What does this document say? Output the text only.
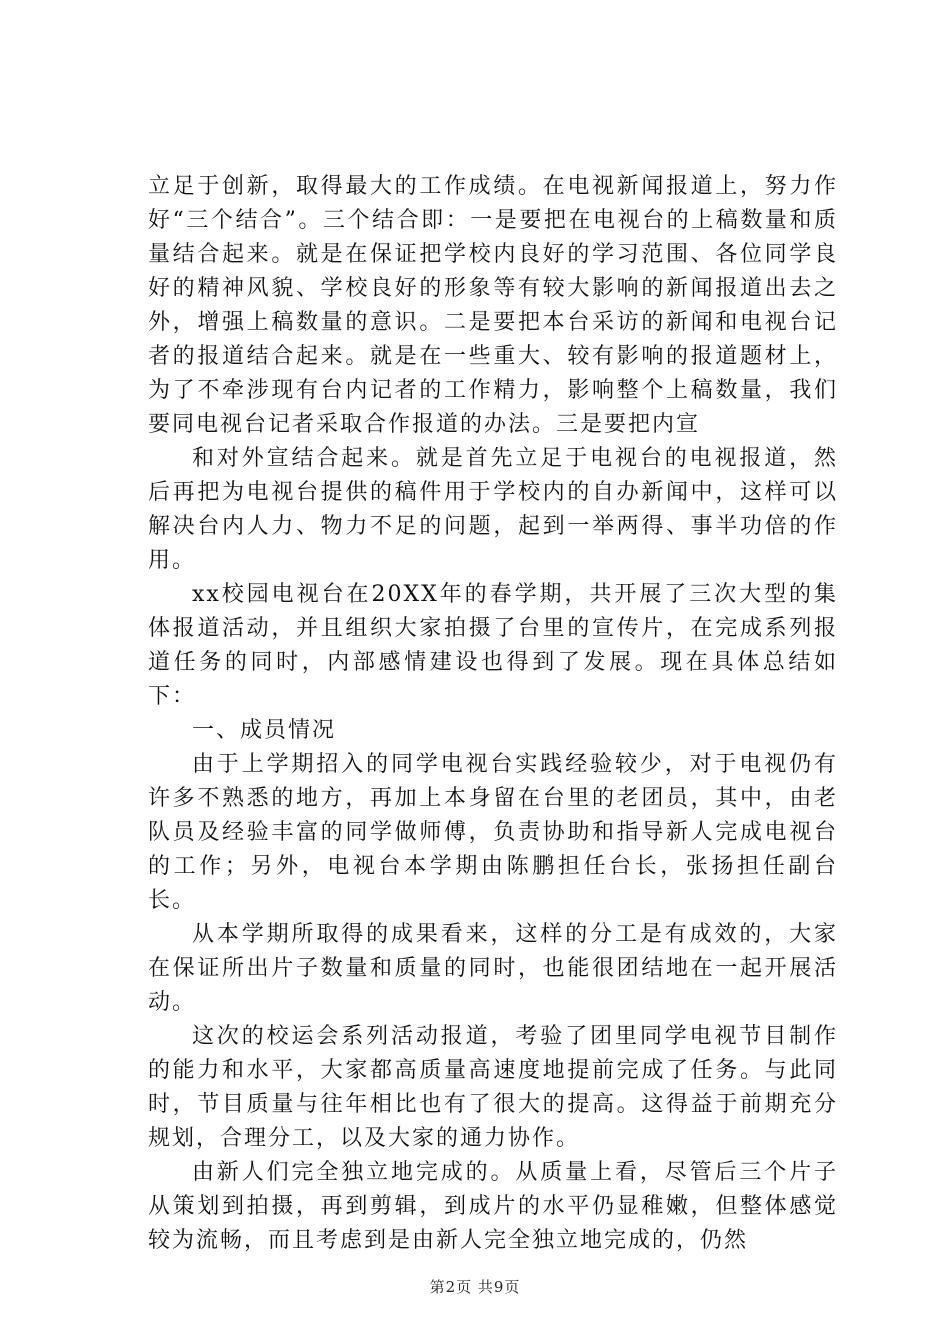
立足于创新，取得最大的工作成绩。在电视新闻报道上，努力作好“三个结合”。三个结合即：一是要把在电视台的上稿数量和质量结合起来。就是在保证把学校内良好的学习范围、各位同学良好的精神风貌、学校良好的形象等有较大影响的新闻报道出去之外，增强上稿数量的意识。二是要把本台采访的新闻和电视台记者的报道结合起来。就是在一些重大、较有影响的报道题材上，为了不牵涉现有台内记者的工作精力，影响整个上稿数量，我们要同电视台记者采取合作报道的办法。三是要把内宣

和对外宣结合起来。就是首先立足于电视台的电视报道，然后再把为电视台提供的稿件用于学校内的自办新闻中，这样可以解决台内人力、物力不足的问题，起到一举两得、事半功倍的作用。

xx校园电视台在20XX年的春学期，共开展了三次大型的集体报道活动，并且组织大家拍摄了台里的宣传片，在完成系列报道任务的同时，内部感情建设也得到了发展。现在具体总结如下：

一、成员情况

由于上学期招入的同学电视台实践经验较少，对于电视仍有许多不熟悉的地方，再加上本身留在台里的老团员，其中，由老队员及经验丰富的同学做师傅，负责协助和指导新人完成电视台的工作；另外，电视台本学期由陈鹏担任台长，张扬担任副台长。

从本学期所取得的成果看来，这样的分工是有成效的，大家在保证所出片子数量和质量的同时，也能很团结地在一起开展活动。

这次的校运会系列活动报道，考验了团里同学电视节目制作的能力和水平，大家都高质量高速度地提前完成了任务。与此同时，节目质量与往年相比也有了很大的提高。这得益于前期充分规划，合理分工，以及大家的通力协作。

由新人们完全独立地完成的。从质量上看，尽管后三个片子从策划到拍摄，再到剪辑，到成片的水平仍显稚嫩，但整体感觉较为流畅，而且考虑到是由新人完全独立地完成的，仍然

第2页 共9页
